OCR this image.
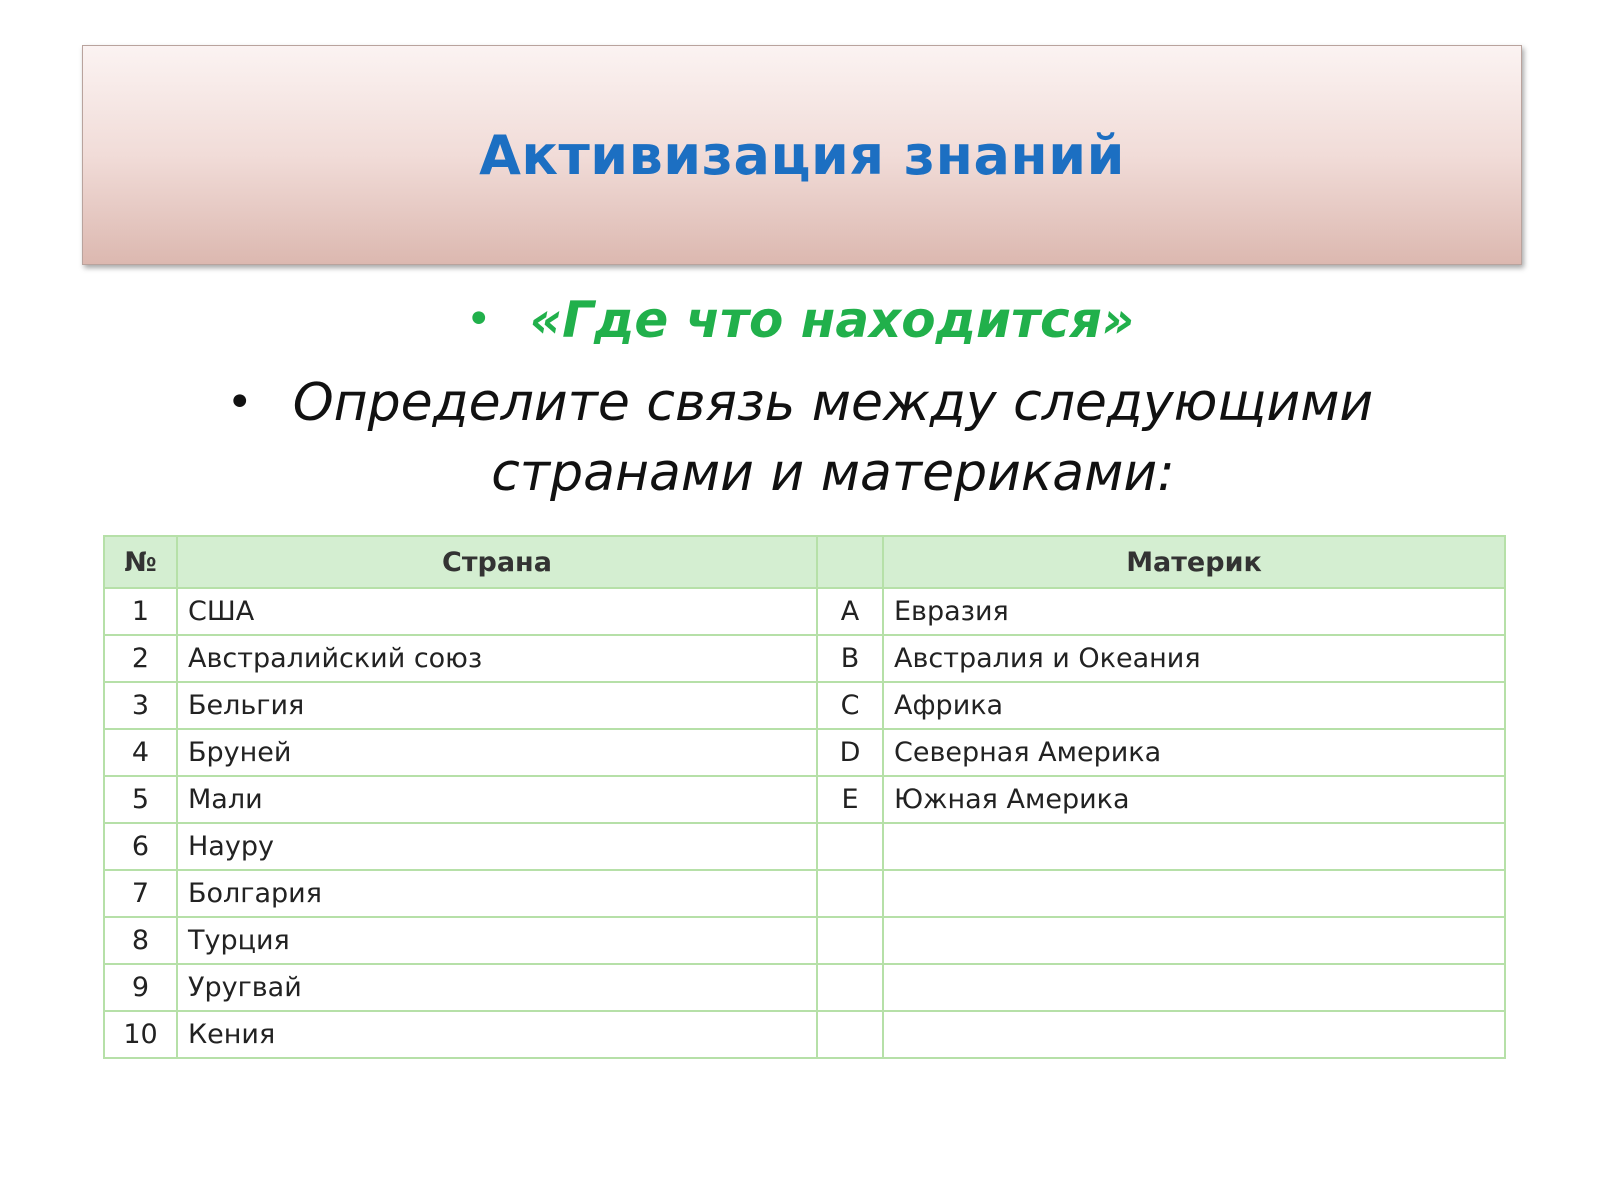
Активизация знаний
• «Где что находится»
• Определите связь между следующими
странами и материками:
№	Страна		Материк
1	США	A	Евразия
2	Австралийский союз	B	Австралия и Океания
3	Бельгия	C	Африка
4	Бруней	D	Северная Америка
5	Мали	E	Южная Америка
6	Науру		
7	Болгария		
8	Турция		
9	Уругвай		
10	Кения		
